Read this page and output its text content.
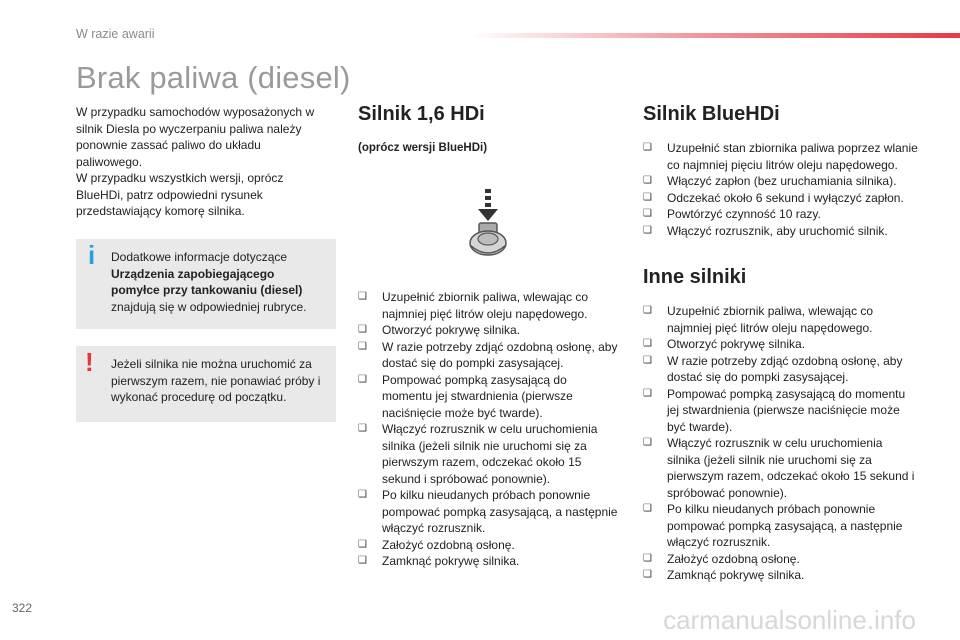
W razie awarii
Brak paliwa (diesel)

W przypadku samochodów wyposażonych w silnik Diesla po wyczerpaniu paliwa należy ponownie zassać paliwo do układu paliwowego.

W przypadku wszystkich wersji, oprócz BlueHDi, patrz odpowiedni rysunek przedstawiający komorę silnika.

i Dodatkowe informacje dotyczące
Urządzenia zapobiegającego pomyłce przy tankowaniu (diesel)
znajdują się w odpowiedniej rubryce.
! Jeżeli silnika nie można uruchomić za pierwszym razem, nie ponawiać próby i wykonać procedurę od początku.
Silnik 1,6 HDi

(oprócz wersji BlueHDi)

❑ Uzupełnić zbiornik paliwa, wlewając co najmniej pięć litrów oleju napędowego.
❑ Otworzyć pokrywę silnika.
❑ W razie potrzeby zdjąć ozdobną osłonę, aby dostać się do pompki zasysającej.
❑ Pompować pompką zasysającą do momentu jej stwardnienia (pierwsze naciśnięcie może być twarde).
❑ Włączyć rozrusznik w celu uruchomienia silnika (jeżeli silnik nie uruchomi się za pierwszym razem, odczekać około 15 sekund i spróbować ponownie).
❑ Po kilku nieudanych próbach ponownie pompować pompką zasysającą, a następnie włączyć rozrusznik.
❑ Założyć ozdobną osłonę.
❑ Zamknąć pokrywę silnika.
Silnik BlueHDi
❑ Uzupełnić stan zbiornika paliwa poprzez wlanie co najmniej pięciu litrów oleju napędowego.
❑ Włączyć zapłon (bez uruchamiania silnika).
❑ Odczekać około 6 sekund i wyłączyć zapłon.
❑ Powtórzyć czynność 10 razy.
❑ Włączyć rozrusznik, aby uruchomić silnik.
Inne silniki
❑ Uzupełnić zbiornik paliwa, wlewając co najmniej pięć litrów oleju napędowego.
❑ Otworzyć pokrywę silnika.
❑ W razie potrzeby zdjąć ozdobną osłonę, aby dostać się do pompki zasysającej.
❑ Pompować pompką zasysającą do momentu jej stwardnienia (pierwsze naciśnięcie może być twarde).
❑ Włączyć rozrusznik w celu uruchomienia silnika (jeżeli silnik nie uruchomi się za pierwszym razem, odczekać około 15 sekund i spróbować ponownie).
❑ Po kilku nieudanych próbach ponownie pompować pompką zasysającą, a następnie włączyć rozrusznik.
❑ Założyć ozdobną osłonę.
❑ Zamknąć pokrywę silnika.
322	carmanualsonline.info
